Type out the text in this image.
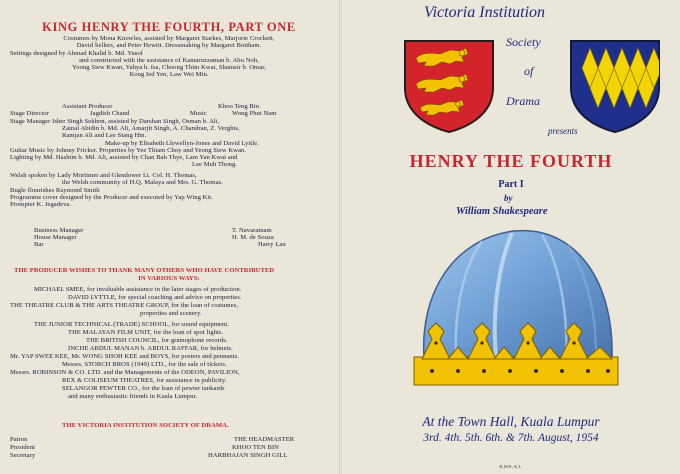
KING HENRY THE FOURTH, PART ONE
Costumes by Mona Knowles, assisted by Margaret Starkes, Marjorie Crockett,
David Sellers, and Peter Hewitt. Dressmaking by Margaret Bottham.
Settings designed by Ahmad Khalid b. Md. Yusof
and constructed with the assistance of Kamaruzzaman b. Abu Noh,
Yoong Siew Kwan, Yahya b. Isa, Choong Thim Kwai, Shamsir b. Omar,
Kong Ied Yen, Law Wei Min.
Assistant Producer	Khoo Teng Bin
Stage Director	Jagdish Chand	Music	Wong Phui Nam
Stage Manager Isher Singh Sekhon, assisted by Darshan Singh, Osman b. Ali,
Zainal Abidin b. Md. Ali, Amarjit Singh, A. Chandran, Z. Verghis,
Ramjan Ali and Lee Siang Hin.
Make-up by Elisabeth Llewellyn-Jones and David Lyttle.
Guitar Music by Johnny Fricker. Properties by Yee Thiam Choy and Yeong Siew Kwan.
Lighting by Md. Hashim b. Md. Ali, assisted by Chan Bah Thye, Lam Yan Kwai and
Lee Muh Thong.
Welsh spoken by Lady Mortimer and Glendower Lt. Col. H. Thomas,
the Welsh community of H.Q. Malaya and Mrs. G. Thomas.
Bugle flourishes Raymond Smith
Programme cover designed by the Producer and executed by Yap Wing Kit.
Prompter K. Jegadeva.
Business Manager	T. Navaratnam
House Manager	H. M. de Souza
Bar	Harry Lau
THE PRODUCER WISHES TO THANK MANY OTHERS WHO HAVE CONTRIBUTED
IN VARIOUS WAYS:
MICHAEL SMEE, for invaluable assistance in the later stages of production.
DAVID LYTTLE, for special coaching and advice on properties.
THE THEATRE CLUB & THE ARTS THEATRE GROUP, for the loan of costumes,
properties and scenery.
THE JUNIOR TECHNICAL (TRADE) SCHOOL, for sound equipment.
THE MALAYAN FILM UNIT, for the loan of spot lights.
THE BRITISH COUNCIL, for gramophone records.
INCHE ABDUL MANAN b. ABDUL RAFFAR, for helmets.
Mr. YAP SWEE KEE, Mr. WONG SHOH KEE and BOYS, for posters and pennants.
Messrs. STORCH BROS (1949) LTD., for the sale of tickets.
Messrs. ROBINSON & CO. LTD. and the Managements of the ODEON, PAVILION,
REX & COLISEUM THEATRES, for assistance in publicity.
SELANGOR PEWTER CO., for the loan of pewter tankards
and many enthusiastic friends in Kuala Lumpur.
THE VICTORIA INSTITUTION SOCIETY OF DRAMA.
Patron	THE HEADMASTER
President	KHOO TEN BIN
Secretary	HARBHAJAN SINGH GILL
Victoria Institution
Society
of
Drama
presents
HENRY THE FOURTH
Part I
by
William Shakespeare
At the Town Hall, Kuala Lumpur
3rd. 4th. 5th. 6th. & 7th. August, 1954
K.M.P., K.L.
